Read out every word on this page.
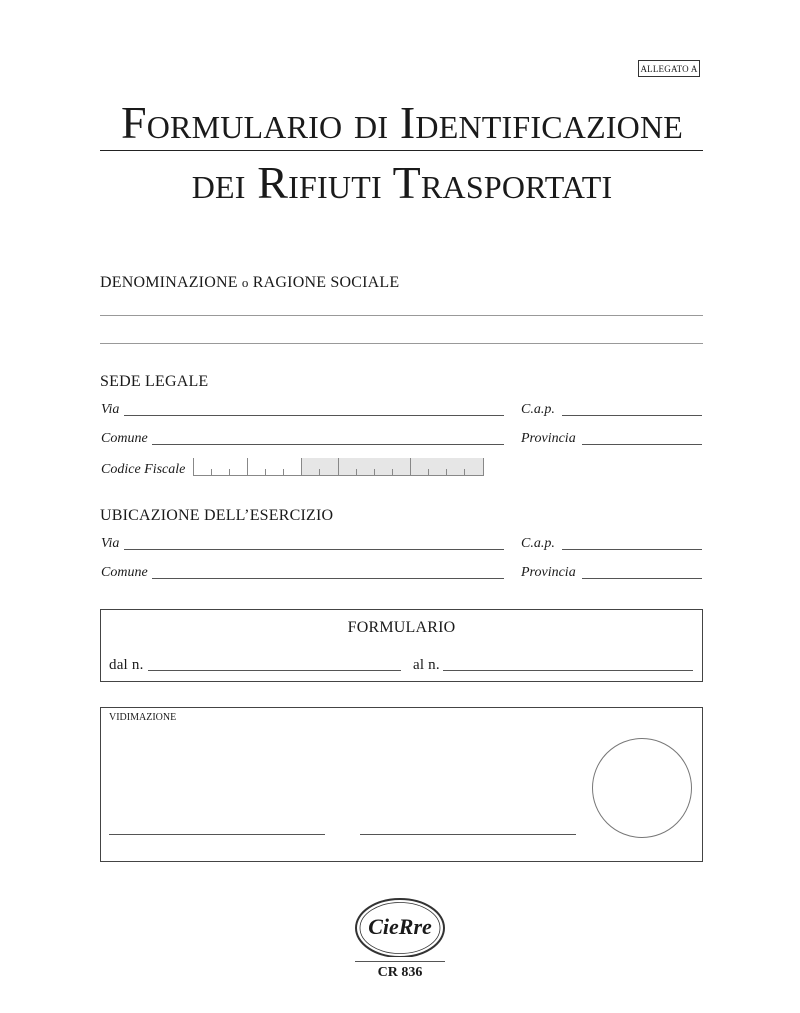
ALLEGATO A
Formulario di Identificazione
dei Rifiuti Trasportati
DENOMINAZIONE o RAGIONE SOCIALE
SEDE LEGALE
Via	C.a.p.
Comune	Provincia
Codice Fiscale
UBICAZIONE DELL’ESERCIZIO
Via	C.a.p.
Comune	Provincia
FORMULARIO
dal n.	al n.
VIDIMAZIONE
CieRre
CR 836
